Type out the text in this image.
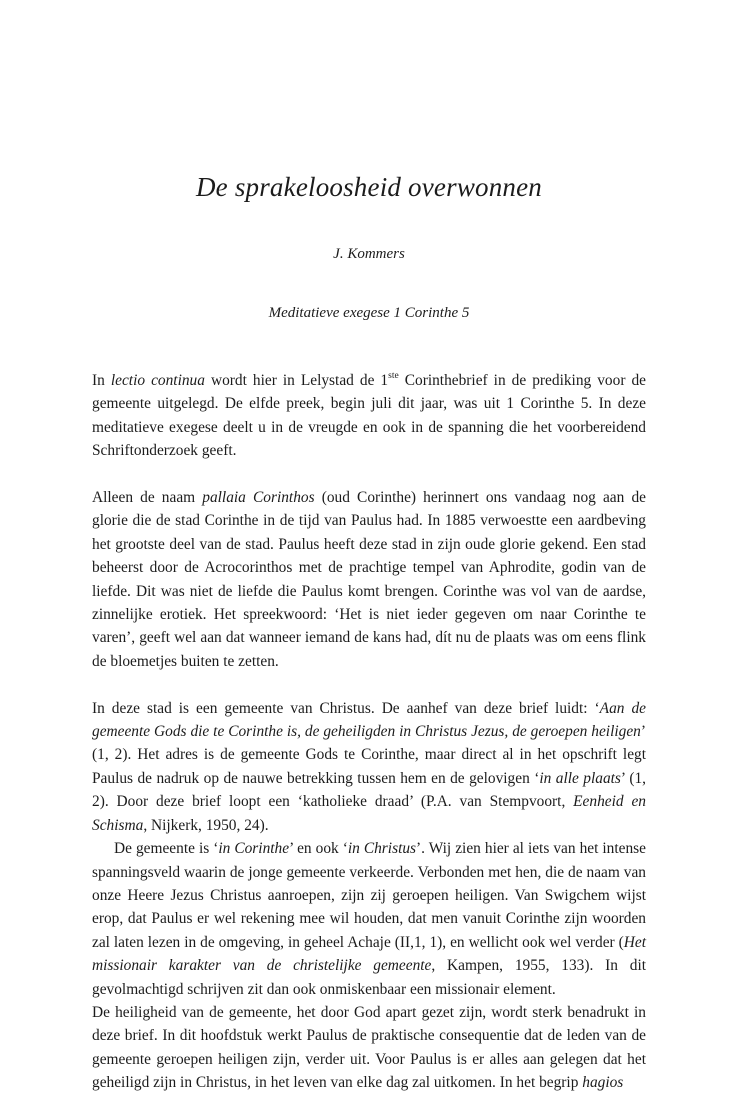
De sprakeloosheid overwonnen
J. Kommers
Meditatieve exegese 1 Corinthe 5

In lectio continua wordt hier in Lelystad de 1ste Corinthebrief in de prediking voor de gemeente uitgelegd. De elfde preek, begin juli dit jaar, was uit 1 Corinthe 5. In deze meditatieve exegese deelt u in de vreugde en ook in de spanning die het voorbereidend Schriftonderzoek geeft.

Alleen de naam pallaia Corinthos (oud Corinthe) herinnert ons vandaag nog aan de glorie die de stad Corinthe in de tijd van Paulus had. In 1885 verwoestte een aardbeving het grootste deel van de stad. Paulus heeft deze stad in zijn oude glorie gekend. Een stad beheerst door de Acrocorinthos met de prachtige tempel van Aphrodite, godin van de liefde. Dit was niet de liefde die Paulus komt brengen. Corinthe was vol van de aardse, zinnelijke erotiek. Het spreekwoord: ‘Het is niet ieder gegeven om naar Corinthe te varen’, geeft wel aan dat wanneer iemand de kans had, dít nu de plaats was om eens flink de bloemetjes buiten te zetten.

In deze stad is een gemeente van Christus. De aanhef van deze brief luidt: ‘Aan de gemeente Gods die te Corinthe is, de geheiligden in Christus Jezus, de geroepen heiligen’ (1, 2). Het adres is de gemeente Gods te Corinthe, maar direct al in het opschrift legt Paulus de nadruk op de nauwe betrekking tussen hem en de gelovigen ‘in alle plaats’ (1, 2). Door deze brief loopt een ‘katholieke draad’ (P.A. van Stempvoort, Eenheid en Schisma, Nijkerk, 1950, 24).

De gemeente is ‘in Corinthe’ en ook ‘in Christus’. Wij zien hier al iets van het intense spanningsveld waarin de jonge gemeente verkeerde. Verbonden met hen, die de naam van onze Heere Jezus Christus aanroepen, zijn zij geroepen heiligen. Van Swigchem wijst erop, dat Paulus er wel rekening mee wil houden, dat men vanuit Corinthe zijn woorden zal laten lezen in de omgeving, in geheel Achaje (II,1, 1), en wellicht ook wel verder (Het missionair karakter van de christelijke gemeente, Kampen, 1955, 133). In dit gevolmachtigd schrijven zit dan ook onmiskenbaar een missionair element.

De heiligheid van de gemeente, het door God apart gezet zijn, wordt sterk benadrukt in deze brief. In dit hoofdstuk werkt Paulus de praktische consequentie dat de leden van de gemeente geroepen heiligen zijn, verder uit. Voor Paulus is er alles aan gelegen dat het geheiligd zijn in Christus, in het leven van elke dag zal uitkomen. In het begrip hagios
